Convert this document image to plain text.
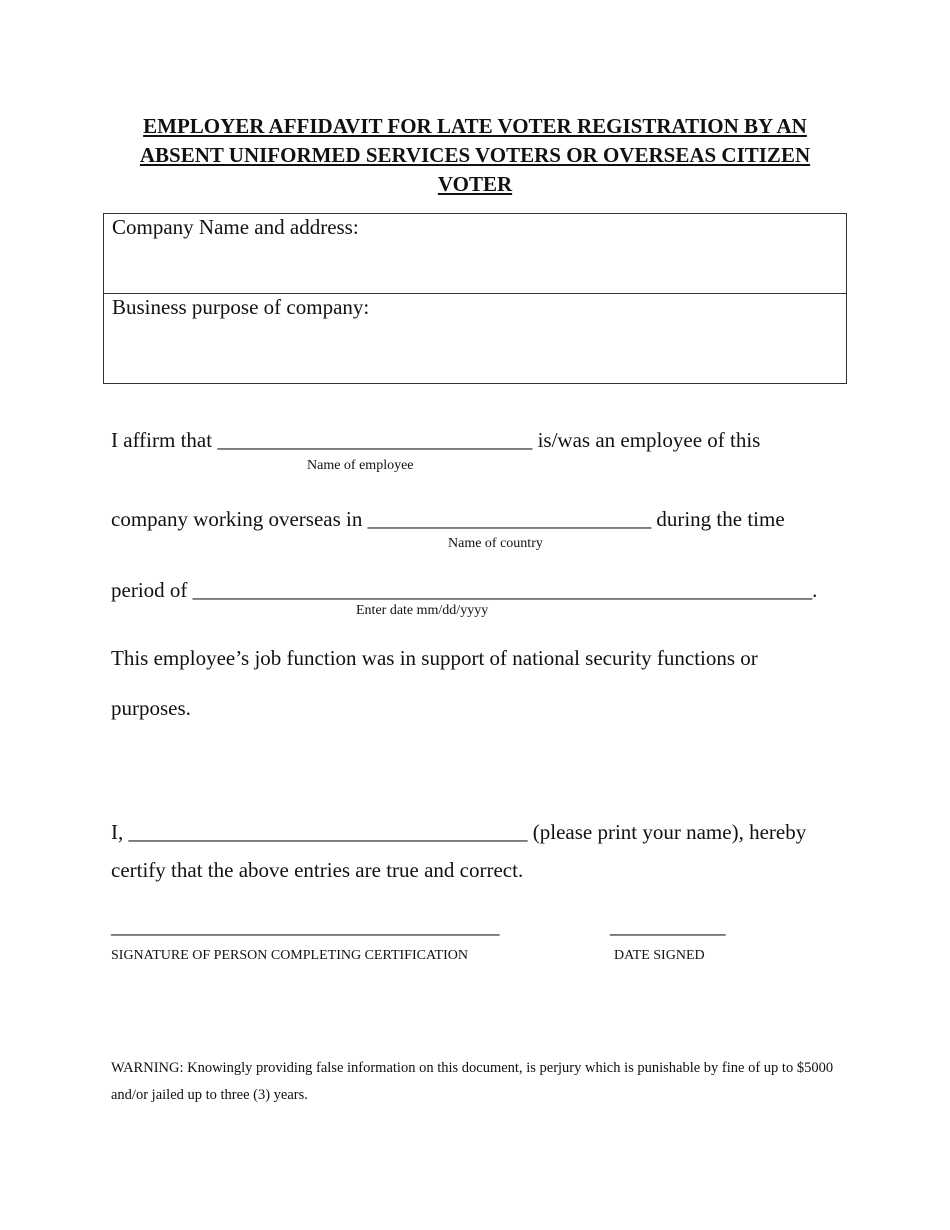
EMPLOYER AFFIDAVIT FOR LATE VOTER REGISTRATION BY AN
ABSENT UNIFORMED SERVICES VOTERS OR OVERSEAS CITIZEN
VOTER
Company Name and address:
Business purpose of company:
I affirm that ______________________________ is/was an employee of this
Name of employee
company working overseas in ___________________________ during the time
Name of country
period of ___________________________________________________________.
Enter date mm/dd/yyyy
This employee’s job function was in support of national security functions or
purposes.
I, ______________________________________ (please print your name), hereby
certify that the above entries are true and correct.
_____________________________________	___________
SIGNATURE OF PERSON COMPLETING CERTIFICATION	DATE SIGNED
WARNING: Knowingly providing false information on this document, is perjury which is punishable by fine of up to $5000 and/or jailed up to three (3) years.
